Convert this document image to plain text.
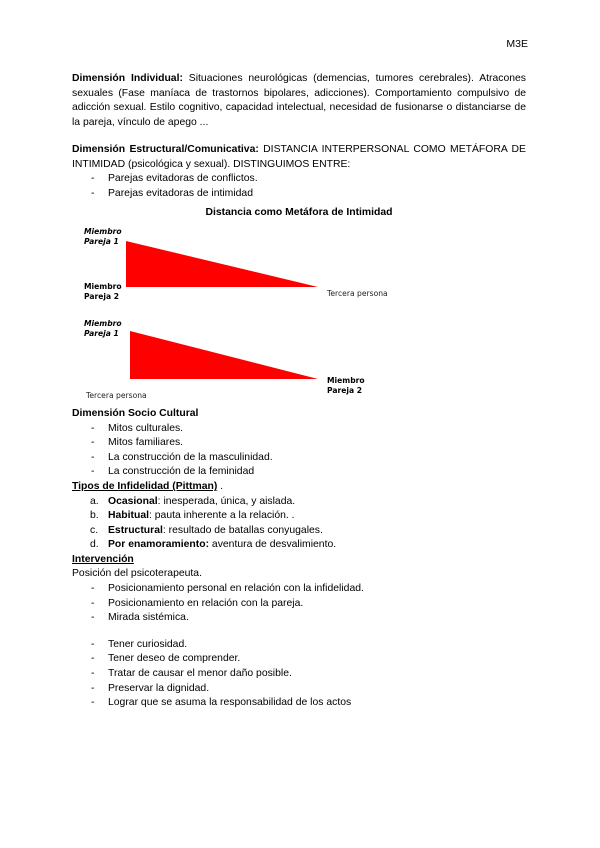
M3E

Dimensión Individual: Situaciones neurológicas (demencias, tumores cerebrales). Atracones sexuales (Fase maníaca de trastornos bipolares, adicciones). Comportamiento compulsivo de adicción sexual. Estilo cognitivo, capacidad intelectual, necesidad de fusionarse o distanciarse de la pareja, vínculo de apego ...

Dimensión Estructural/Comunicativa: DISTANCIA INTERPERSONAL COMO METÁFORA DE INTIMIDAD (psicológica y sexual). DISTINGUIMOS ENTRE:

- Parejas evitadoras de conflictos.
- Parejas evitadoras de intimidad
Distancia como Metáfora de Intimidad
Miembro
Pareja 1
Miembro
Pareja 2	Tercera persona
Miembro
Pareja 1
Tercera persona
Miembro
Pareja 2

Dimensión Socio Cultural

- Mitos culturales.
- Mitos familiares.
- La construcción de la masculinidad.
- La construcción de la feminidad

Tipos de Infidelidad (Pittman) .

a. Ocasional: inesperada, única, y aislada.
b. Habitual: pauta inherente a la relación. .
c. Estructural: resultado de batallas conyugales.
d. Por enamoramiento: aventura de desvalimiento.

Intervención

Posición del psicoterapeuta.

- Posicionamiento personal en relación con la infidelidad.
- Posicionamiento en relación con la pareja.
- Mirada sistémica.
- Tener curiosidad.
- Tener deseo de comprender.
- Tratar de causar el menor daño posible.
- Preservar la dignidad.
- Lograr que se asuma la responsabilidad de los actos
